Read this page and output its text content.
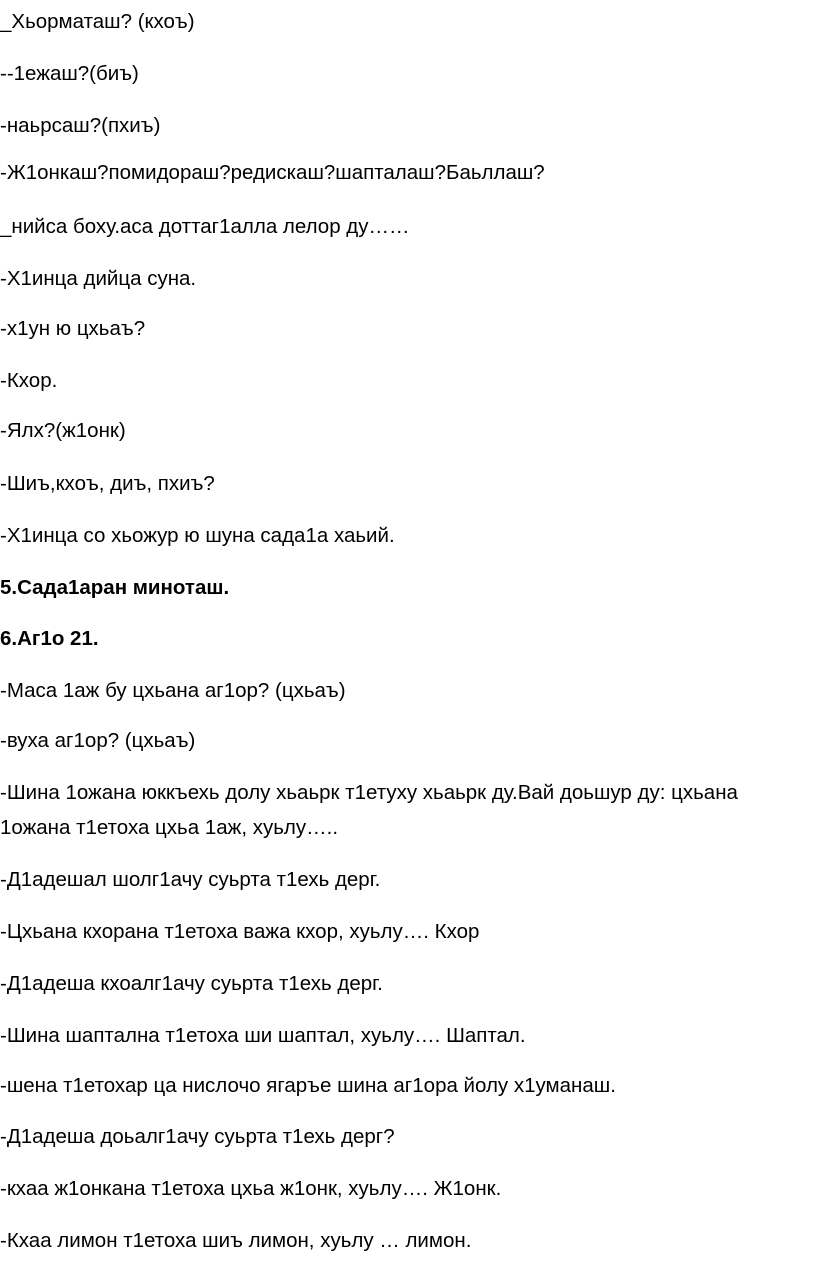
_Хьорматаш? (кхоъ)
--1ежаш?(биъ)
-наьрсаш?(пхиъ)
-Ж1онкаш?помидораш?редискаш?шапталаш?Баьллаш?
_нийса боху.аса доттаг1алла лелор ду……
-Х1инца дийца суна.
-х1ун ю цхьаъ?
-Кхор.
-Ялх?(ж1онк)
-Шиъ,кхоъ, диъ, пхиъ?
-Х1инца со хьожур ю шуна сада1а хаьий.
5.Сада1аран миноташ.
6.Аг1о 21.
-Маса 1аж бу цхьана аг1ор? (цхьаъ)
-вуха аг1ор? (цхьаъ)
-Шина 1ожана юккъехь долу хьаьрк т1етуху хьаьрк ду.Вай доьшур ду: цхьана
1ожана т1етоха цхьа 1аж, хуьлу…..
-Д1адешал шолг1ачу суьрта т1ехь дерг.
-Цхьана кхорана т1етоха важа кхор, хуьлу…. Кхор
-Д1адеша кхоалг1ачу суьрта т1ехь дерг.
-Шина шаптална т1етоха ши шаптал, хуьлу…. Шаптал.
-шена т1етохар ца нислочо ягаръе шина аг1ора йолу х1уманаш.
-Д1адеша доьалг1ачу суьрта т1ехь дерг?
-кхаа ж1онкана т1етоха цхьа ж1онк, хуьлу…. Ж1онк.
-Кхаа лимон т1етоха шиъ лимон, хуьлу … лимон.
